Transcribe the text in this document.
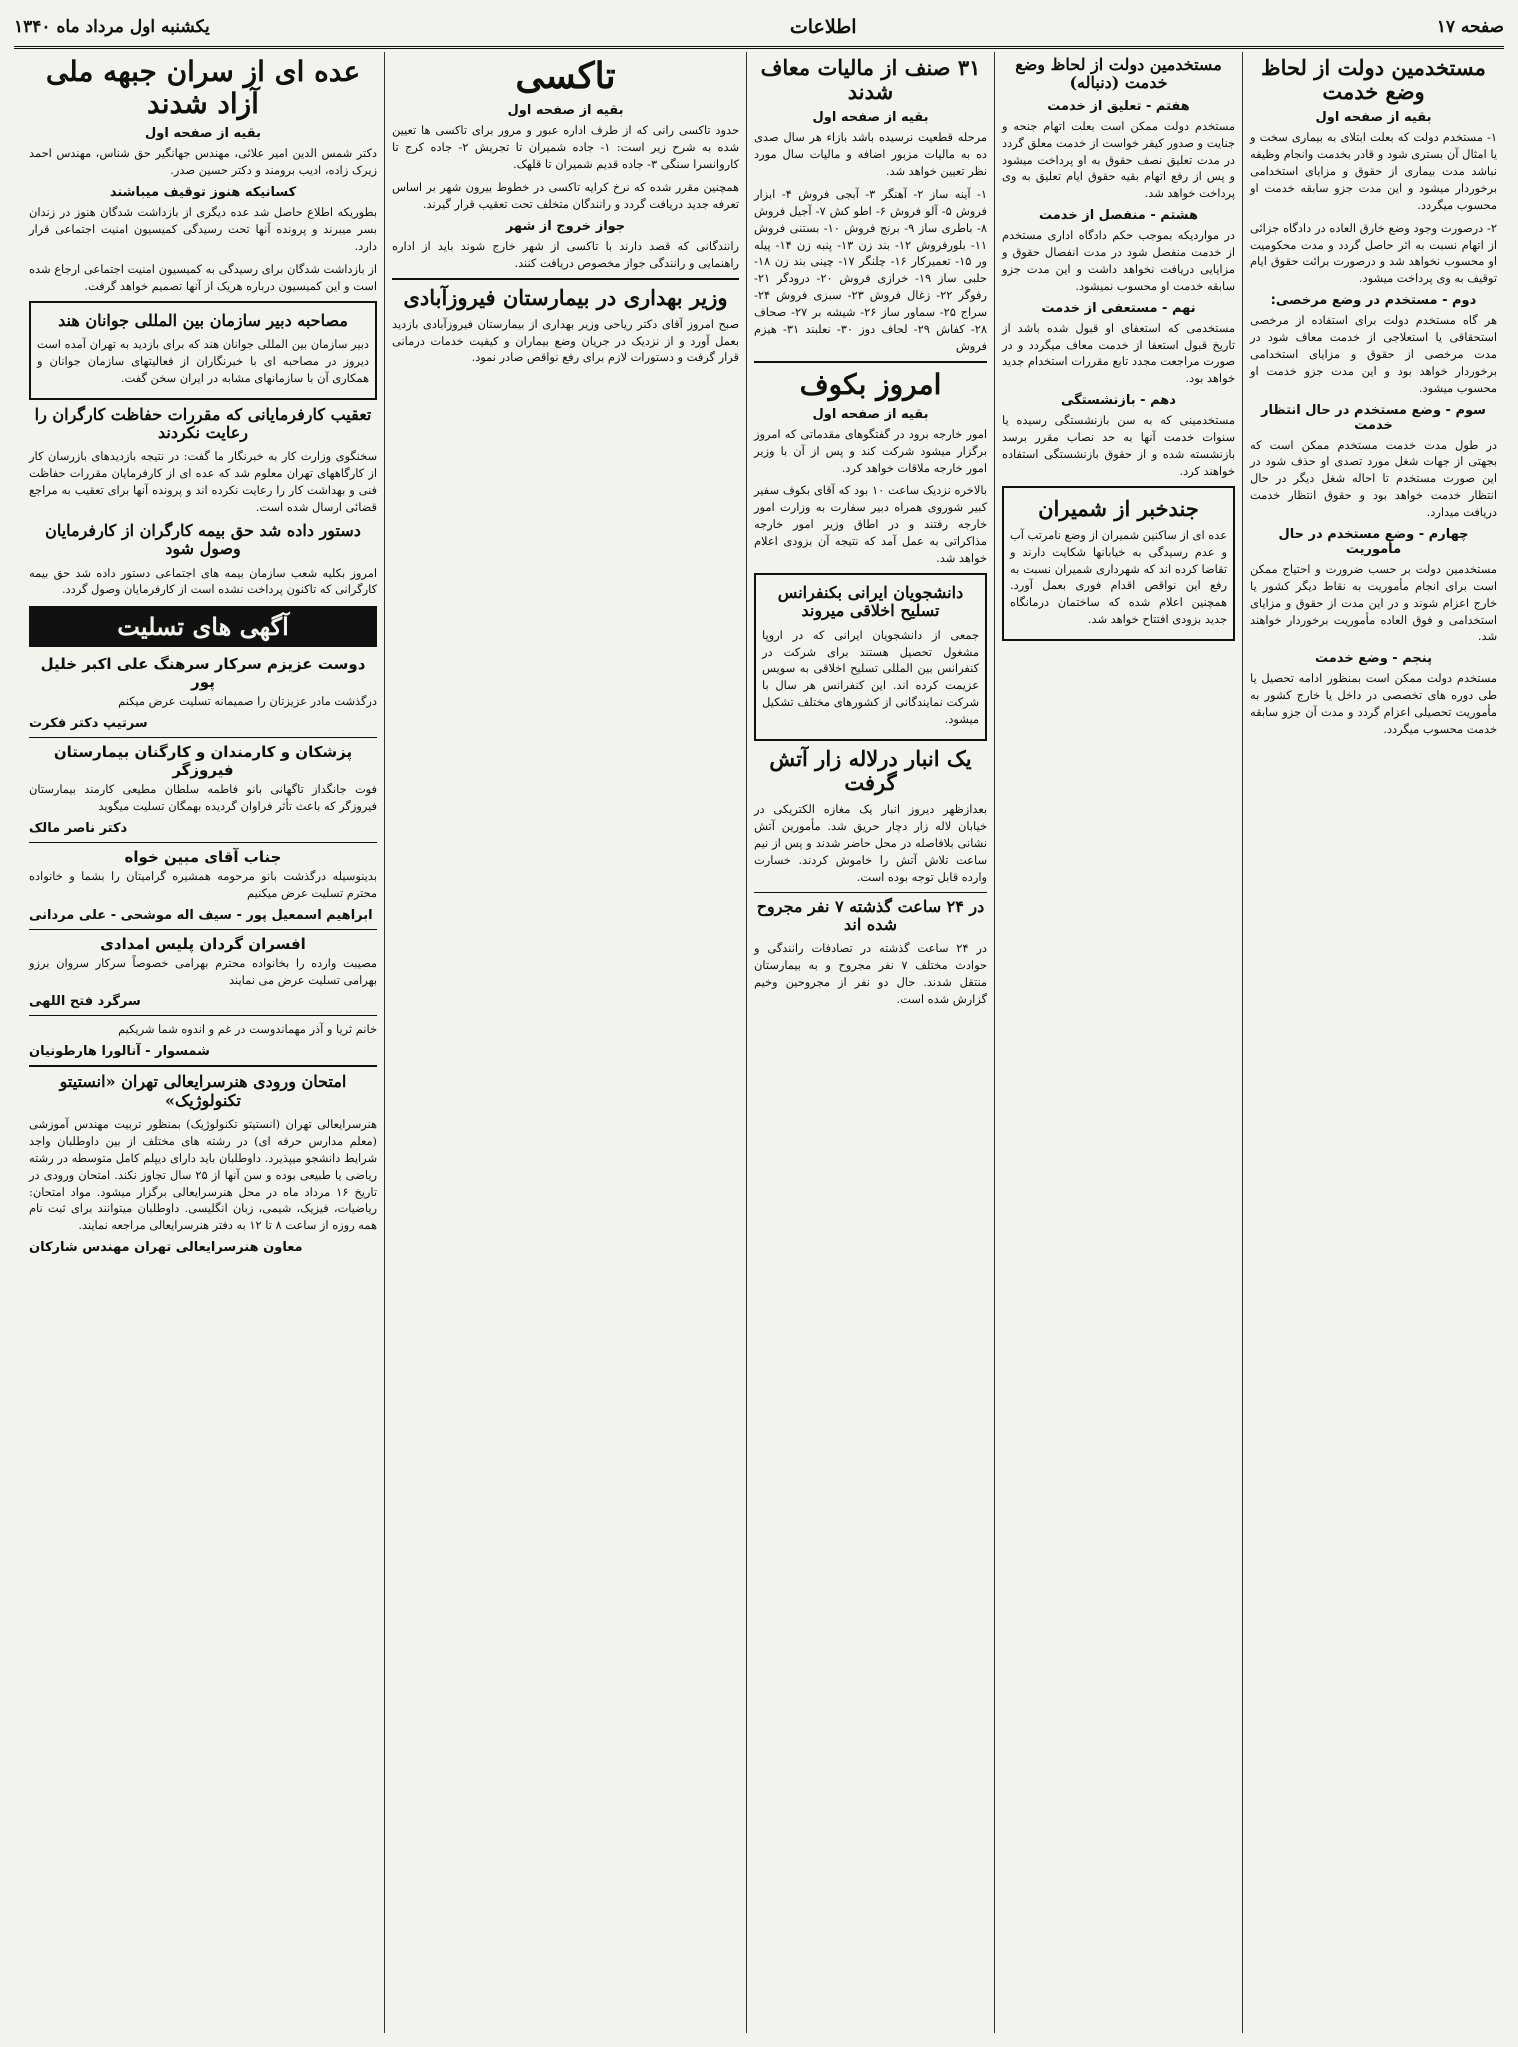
صفحه ۱۷
اطلاعات
یکشنبه اول مرداد ماه ۱۳۴۰
مستخدمین دولت از لحاظ وضع خدمت
بقیه از صفحه اول

۱- مستخدم دولت که بعلت ابتلای به بیماری سخت و یا امثال آن بستری شود و قادر بخدمت وانجام وظیفه نباشد مدت بیماری از حقوق و مزایای استخدامی برخوردار میشود و این مدت جزو سابقه خدمت او محسوب میگردد.

۲- درصورت وجود وضع خارق العاده در دادگاه جزائی از اتهام نسبت به اثر حاصل گردد و مدت محکومیت او محسوب نخواهد شد و درصورت برائت حقوق ایام توقیف به وی پرداخت میشود.

دوم - مستخدم در وضع مرخصی:

هر گاه مستخدم دولت برای استفاده از مرخصی استحقاقی یا استعلاجی از خدمت معاف شود در مدت مرخصی از حقوق و مزایای استخدامی برخوردار خواهد بود و این مدت جزو خدمت او محسوب میشود.

سوم - وضع مستخدم در حال انتظار خدمت

در طول مدت خدمت مستخدم ممکن است که بجهتی از جهات شغل مورد تصدی او حذف شود در این صورت مستخدم تا احاله شغل دیگر در حال انتظار خدمت خواهد بود و حقوق انتظار خدمت دریافت میدارد.

چهارم - وضع مستخدم در حال مأموریت

مستخدمین دولت بر حسب ضرورت و احتیاج ممکن است برای انجام مأموریت به نقاط دیگر کشور یا خارج اعزام شوند و در این مدت از حقوق و مزایای استخدامی و فوق العاده مأموریت برخوردار خواهند شد.

پنجم - وضع خدمت

مستخدم دولت ممکن است بمنظور ادامه تحصیل یا طی دوره های تخصصی در داخل یا خارج کشور به مأموریت تحصیلی اعزام گردد و مدت آن جزو سابقه خدمت محسوب میگردد.

مستخدمین دولت از لحاظ وضع خدمت (دنباله)
هفتم - تعلیق از خدمت

مستخدم دولت ممکن است بعلت اتهام جنحه و جنایت و صدور کیفر خواست از خدمت معلق گردد در مدت تعلیق نصف حقوق به او پرداخت میشود و پس از رفع اتهام بقیه حقوق ایام تعلیق به وی پرداخت خواهد شد.

هشتم - منفصل از خدمت

در مواردیکه بموجب حکم دادگاه اداری مستخدم از خدمت منفصل شود در مدت انفصال حقوق و مزایایی دریافت نخواهد داشت و این مدت جزو سابقه خدمت او محسوب نمیشود.

نهم - مستعفی از خدمت

مستخدمی که استعفای او قبول شده باشد از تاریخ قبول استعفا از خدمت معاف میگردد و در صورت مراجعت مجدد تابع مقررات استخدام جدید خواهد بود.

دهم - بازنشستگی

مستخدمینی که به سن بازنشستگی رسیده یا سنوات خدمت آنها به حد نصاب مقرر برسد بازنشسته شده و از حقوق بازنشستگی استفاده خواهند کرد.

جندخبر از شمیران

عده ای از ساکنین شمیران از وضع نامرتب آب و عدم رسیدگی به خیابانها شکایت دارند و تقاضا کرده اند که شهرداری شمیران نسبت به رفع این نواقص اقدام فوری بعمل آورد. همچنین اعلام شده که ساختمان درمانگاه جدید بزودی افتتاح خواهد شد.

۳۱ صنف از مالیات معاف شدند
بقیه از صفحه اول

مرحله قطعیت نرسیده باشد بازاء هر سال صدی ده به مالیات مزبور اضافه و مالیات سال مورد نظر تعیین خواهد شد.

۱- آینه ساز ۲- آهنگر ۳- آبجی فروش ۴- ابزار فروش ۵- آلو فروش ۶- اطو کش ۷- آجیل فروش ۸- باطری ساز ۹- برنج فروش ۱۰- بستنی فروش ۱۱- بلورفروش ۱۲- بند زن ۱۳- پنبه زن ۱۴- پیله ور ۱۵- تعمیرکار ۱۶- چلنگر ۱۷- چینی بند زن ۱۸- حلبی ساز ۱۹- خرازی فروش ۲۰- درودگر ۲۱- رفوگر ۲۲- زغال فروش ۲۳- سبزی فروش ۲۴- سراج ۲۵- سماور ساز ۲۶- شیشه بر ۲۷- صحاف ۲۸- کفاش ۲۹- لحاف دوز ۳۰- نعلبند ۳۱- هیزم فروش

امروز بکوف
بقیه از صفحه اول

امور خارجه برود در گفتگوهای مقدماتی که امروز برگزار میشود شرکت کند و پس از آن با وزیر امور خارجه ملاقات خواهد کرد.

بالاخره نزدیک ساعت ۱۰ بود که آقای بکوف سفیر کبیر شوروی همراه دبیر سفارت به وزارت امور خارجه رفتند و در اطاق وزیر امور خارجه مذاکراتی به عمل آمد که نتیجه آن بزودی اعلام خواهد شد.

دانشجویان ایرانی بکنفرانس تسلیح اخلاقی میروند

جمعی از دانشجویان ایرانی که در اروپا مشغول تحصیل هستند برای شرکت در کنفرانس بین المللی تسلیح اخلاقی به سویس عزیمت کرده اند. این کنفرانس هر سال با شرکت نمایندگانی از کشورهای مختلف تشکیل میشود.

یک انبار درلاله زار آتش گرفت

بعدازظهر دیروز انبار یک مغازه الکتریکی در خیابان لاله زار دچار حریق شد. مأمورین آتش نشانی بلافاصله در محل حاضر شدند و پس از نیم ساعت تلاش آتش را خاموش کردند. خسارت وارده قابل توجه بوده است.

در ۲۴ ساعت گذشته ۷ نفر مجروح شده اند

در ۲۴ ساعت گذشته در تصادفات رانندگی و حوادث مختلف ۷ نفر مجروح و به بیمارستان منتقل شدند. حال دو نفر از مجروحین وخیم گزارش شده است.

تاکسی
بقیه از صفحه اول

حدود تاکسی رانی که از طرف اداره عبور و مرور برای تاکسی ها تعیین شده به شرح زیر است: ۱- جاده شمیران تا تجریش ۲- جاده کرج تا کاروانسرا سنگی ۳- جاده قدیم شمیران تا قلهک.

همچنین مقرر شده که نرخ کرایه تاکسی در خطوط بیرون شهر بر اساس تعرفه جدید دریافت گردد و رانندگان متخلف تحت تعقیب قرار گیرند.

جواز خروج از شهر

رانندگانی که قصد دارند با تاکسی از شهر خارج شوند باید از اداره راهنمایی و رانندگی جواز مخصوص دریافت کنند.

وزیر بهداری در بیمارستان فیروزآبادی

صبح امروز آقای دکتر ریاحی وزیر بهداری از بیمارستان فیروزآبادی بازدید بعمل آورد و از نزدیک در جریان وضع بیماران و کیفیت خدمات درمانی قرار گرفت و دستورات لازم برای رفع نواقص صادر نمود.

عده ای از سران جبهه ملی آزاد شدند
بقیه از صفحه اول

دکتر شمس الدین امیر علائی، مهندس جهانگیر حق شناس، مهندس احمد زیرک زاده، ادیب برومند و دکتر حسین صدر.

کسانیکه هنوز توقیف میباشند

بطوریکه اطلاع حاصل شد عده دیگری از بازداشت شدگان هنوز در زندان بسر میبرند و پرونده آنها تحت رسیدگی کمیسیون امنیت اجتماعی قرار دارد.

از بازداشت شدگان برای رسیدگی به کمیسیون امنیت اجتماعی ارجاع شده است و این کمیسیون درباره هریک از آنها تصمیم خواهد گرفت.

مصاحبه دبیر سازمان بین المللی جوانان هند

دبیر سازمان بین المللی جوانان هند که برای بازدید به تهران آمده است دیروز در مصاحبه ای با خبرنگاران از فعالیتهای سازمان جوانان و همکاری آن با سازمانهای مشابه در ایران سخن گفت.

تعقیب کارفرمایانی که مقررات حفاظت کارگران را رعایت نکردند

سخنگوی وزارت کار به خبرنگار ما گفت: در نتیجه بازدیدهای بازرسان کار از کارگاههای تهران معلوم شد که عده ای از کارفرمایان مقررات حفاظت فنی و بهداشت کار را رعایت نکرده اند و پرونده آنها برای تعقیب به مراجع قضائی ارسال شده است.

دستور داده شد حق بیمه کارگران از کارفرمایان وصول شود

امروز بکلیه شعب سازمان بیمه های اجتماعی دستور داده شد حق بیمه کارگرانی که تاکنون پرداخت نشده است از کارفرمایان وصول گردد.

آگهی های تسلیت
دوست عزیزم سرکار سرهنگ علی اکبر خلیل پور

درگذشت مادر عزیزتان را صمیمانه تسلیت عرض میکنم

سرتیپ دکتر فکرت
پزشکان و کارمندان و کارگنان بیمارستان فیروزگر

فوت جانگداز تاگهانی بانو فاطمه سلطان مطیعی کارمند بیمارستان فیروزگر که باعث تأثر فراوان گردیده بهمگان تسلیت میگوید

دکتر ناصر مالک
جناب آقای مبین خواه

بدینوسیله درگذشت بانو مرحومه همشیره گرامیتان را بشما و خانواده محترم تسلیت عرض میکنیم

ابراهیم اسمعیل پور - سیف اله موشحی - علی مردانی
افسران گردان پلیس امدادی

مصیبت وارده را بخانواده محترم بهرامی خصوصاً سرکار سروان برزو بهرامی تسلیت عرض می نمایند

سرگرد فتح اللهی

خانم ثریا و آذر مهماندوست در غم و اندوه شما شریکیم

شمسوار - آنالورا هارطونیان
امتحان ورودی هنرسرایعالی تهران «انستیتو تکنولوژیک»

هنرسرایعالی تهران (انستیتو تکنولوژیک) بمنظور تربیت مهندس آموزشی (معلم مدارس حرفه ای) در رشته های مختلف از بین داوطلبان واجد شرایط دانشجو میپذیرد. داوطلبان باید دارای دیپلم کامل متوسطه در رشته ریاضی یا طبیعی بوده و سن آنها از ۲۵ سال تجاوز نکند. امتحان ورودی در تاریخ ۱۶ مرداد ماه در محل هنرسرایعالی برگزار میشود. مواد امتحان: ریاضیات، فیزیک، شیمی، زبان انگلیسی. داوطلبان میتوانند برای ثبت نام همه روزه از ساعت ۸ تا ۱۲ به دفتر هنرسرایعالی مراجعه نمایند.

معاون هنرسرایعالی تهران مهندس شارکان
